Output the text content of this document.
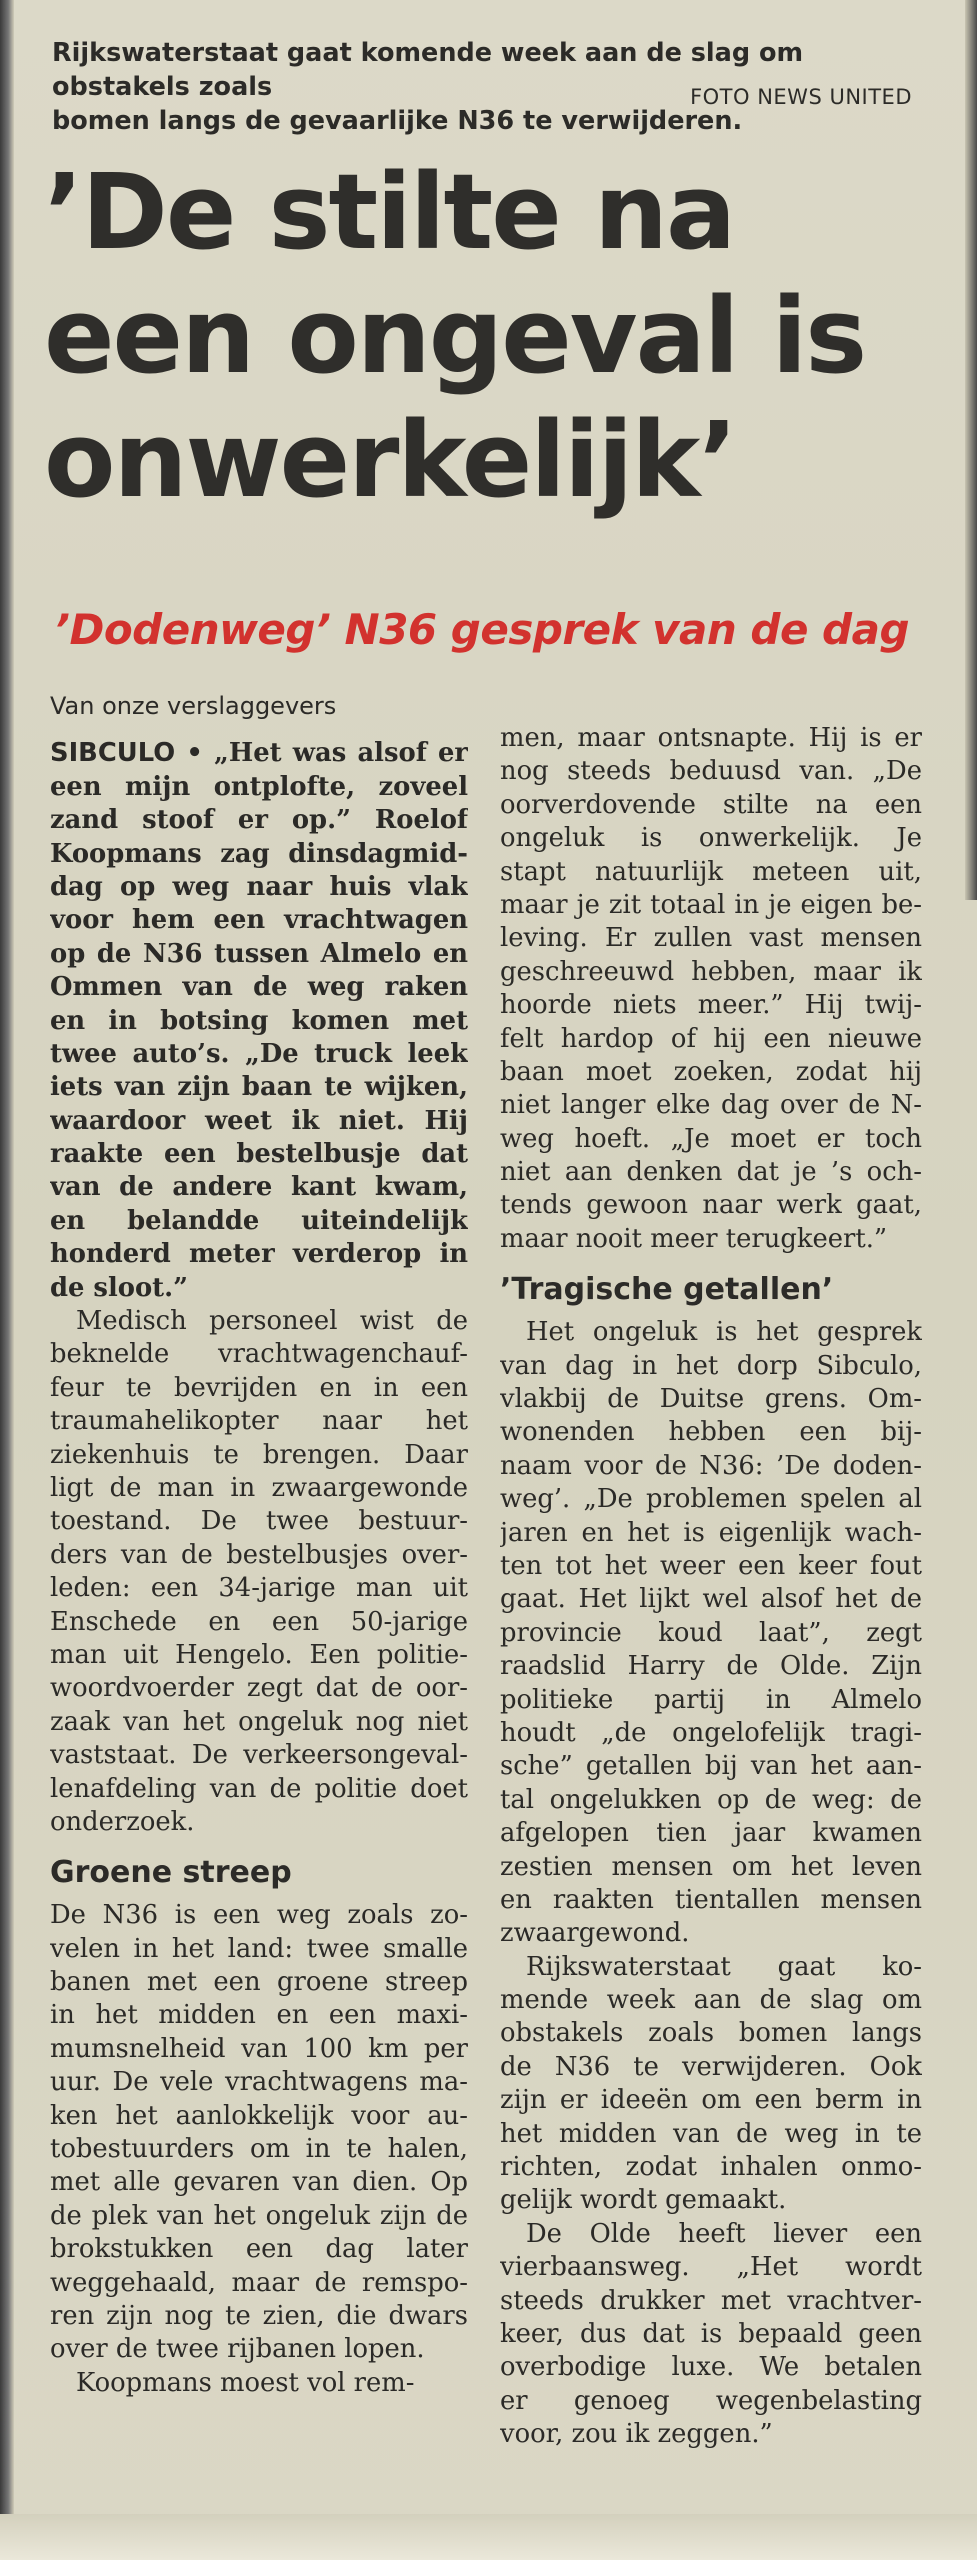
Rijkswaterstaat gaat komende week aan de slag om obstakels zoals
bomen langs de gevaarlijke N36 te verwijderen.
FOTO NEWS UNITED
’De stilte na
een ongeval is
onwerkelijk’
’Dodenweg’ N36 gesprek van de dag
Van onze verslaggevers
SIBCULO • „Het was alsof er
een mijn ontplofte, zoveel
zand stoof er op.” Roelof
Koopmans zag dinsdagmid-
dag op weg naar huis vlak
voor hem een vrachtwagen
op de N36 tussen Almelo en
Ommen van de weg raken
en in botsing komen met
twee auto’s. „De truck leek
iets van zijn baan te wijken,
waardoor weet ik niet. Hij
raakte een bestelbusje dat
van de andere kant kwam,
en belandde uiteindelijk
honderd meter verderop in
de sloot.”
Medisch personeel wist de
beknelde vrachtwagenchauf-
feur te bevrijden en in een
traumahelikopter naar het
ziekenhuis te brengen. Daar
ligt de man in zwaargewonde
toestand. De twee bestuur-
ders van de bestelbusjes over-
leden: een 34-jarige man uit
Enschede en een 50-jarige
man uit Hengelo. Een politie-
woordvoerder zegt dat de oor-
zaak van het ongeluk nog niet
vaststaat. De verkeersongeval-
lenafdeling van de politie doet
onderzoek.
Groene streep
De N36 is een weg zoals zo-
velen in het land: twee smalle
banen met een groene streep
in het midden en een maxi-
mumsnelheid van 100 km per
uur. De vele vrachtwagens ma-
ken het aanlokkelijk voor au-
tobestuurders om in te halen,
met alle gevaren van dien. Op
de plek van het ongeluk zijn de
brokstukken een dag later
weggehaald, maar de remspo-
ren zijn nog te zien, die dwars
over de twee rijbanen lopen.
Koopmans moest vol rem-
men, maar ontsnapte. Hij is er
nog steeds beduusd van. „De
oorverdovende stilte na een
ongeluk is onwerkelijk. Je
stapt natuurlijk meteen uit,
maar je zit totaal in je eigen be-
leving. Er zullen vast mensen
geschreeuwd hebben, maar ik
hoorde niets meer.” Hij twij-
felt hardop of hij een nieuwe
baan moet zoeken, zodat hij
niet langer elke dag over de N-
weg hoeft. „Je moet er toch
niet aan denken dat je ’s och-
tends gewoon naar werk gaat,
maar nooit meer terugkeert.”
’Tragische getallen’
Het ongeluk is het gesprek
van dag in het dorp Sibculo,
vlakbij de Duitse grens. Om-
wonenden hebben een bij-
naam voor de N36: ’De doden-
weg’. „De problemen spelen al
jaren en het is eigenlijk wach-
ten tot het weer een keer fout
gaat. Het lijkt wel alsof het de
provincie koud laat”, zegt
raadslid Harry de Olde. Zijn
politieke partij in Almelo
houdt „de ongelofelijk tragi-
sche” getallen bij van het aan-
tal ongelukken op de weg: de
afgelopen tien jaar kwamen
zestien mensen om het leven
en raakten tientallen mensen
zwaargewond.
Rijkswaterstaat gaat ko-
mende week aan de slag om
obstakels zoals bomen langs
de N36 te verwijderen. Ook
zijn er ideeën om een berm in
het midden van de weg in te
richten, zodat inhalen onmo-
gelijk wordt gemaakt.
De Olde heeft liever een
vierbaansweg. „Het wordt
steeds drukker met vrachtver-
keer, dus dat is bepaald geen
overbodige luxe. We betalen
er genoeg wegenbelasting
voor, zou ik zeggen.”
